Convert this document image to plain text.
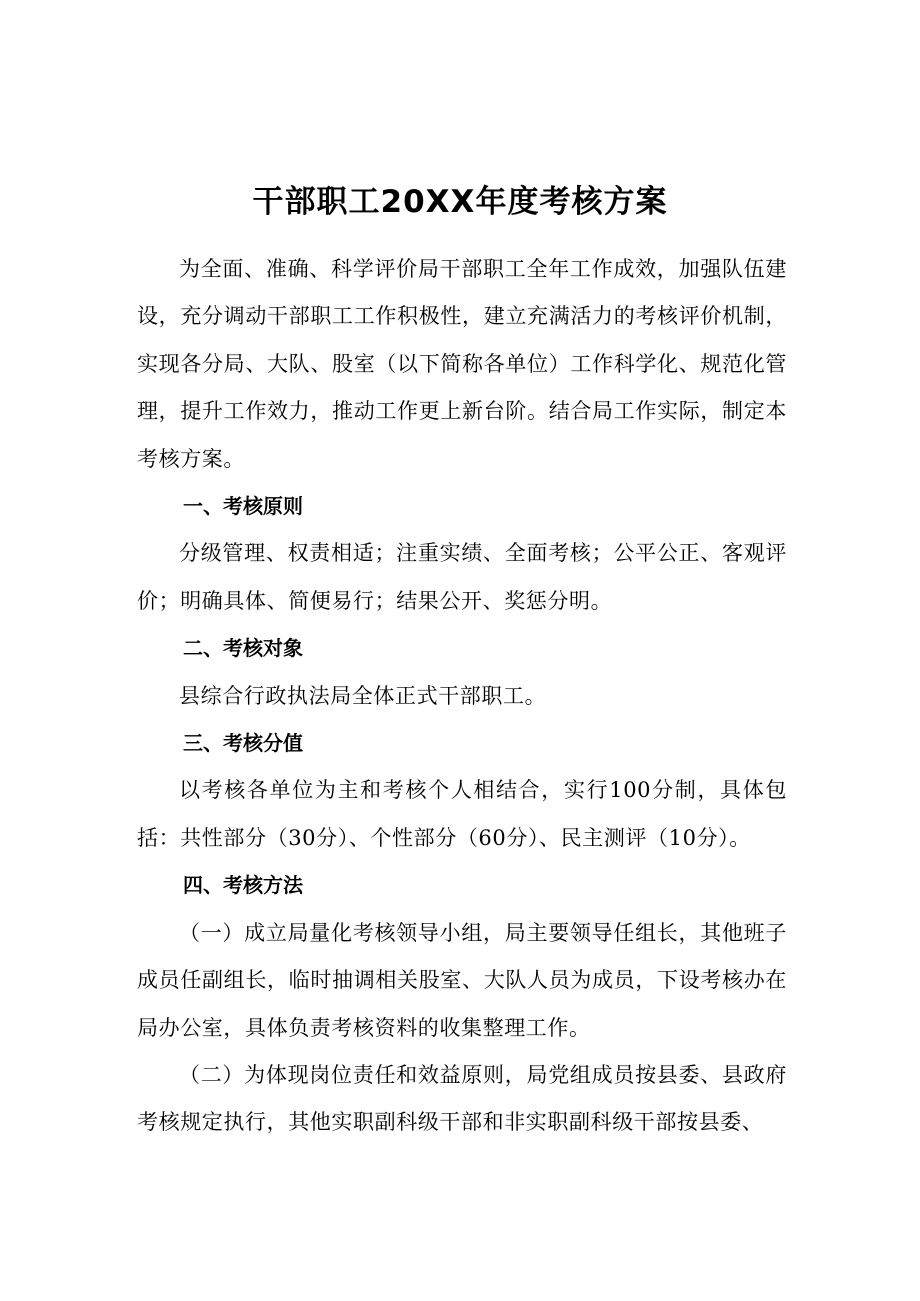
干部职工20XX年度考核方案

为全面、准确、科学评价局干部职工全年工作成效，加强队伍建设，充分调动干部职工工作积极性，建立充满活力的考核评价机制，实现各分局、大队、股室（以下简称各单位）工作科学化、规范化管理，提升工作效力，推动工作更上新台阶。结合局工作实际，制定本考核方案。

一、考核原则

分级管理、权责相适；注重实绩、全面考核；公平公正、客观评价；明确具体、简便易行；结果公开、奖惩分明。

二、考核对象

县综合行政执法局全体正式干部职工。

三、考核分值

以考核各单位为主和考核个人相结合，实行100分制，具体包括：共性部分（30分）、个性部分（60分）、民主测评（10分）。

四、考核方法

（一）成立局量化考核领导小组，局主要领导任组长，其他班子成员任副组长，临时抽调相关股室、大队人员为成员，下设考核办在局办公室，具体负责考核资料的收集整理工作。

（二）为体现岗位责任和效益原则，局党组成员按县委、县政府考核规定执行，其他实职副科级干部和非实职副科级干部按县委、
